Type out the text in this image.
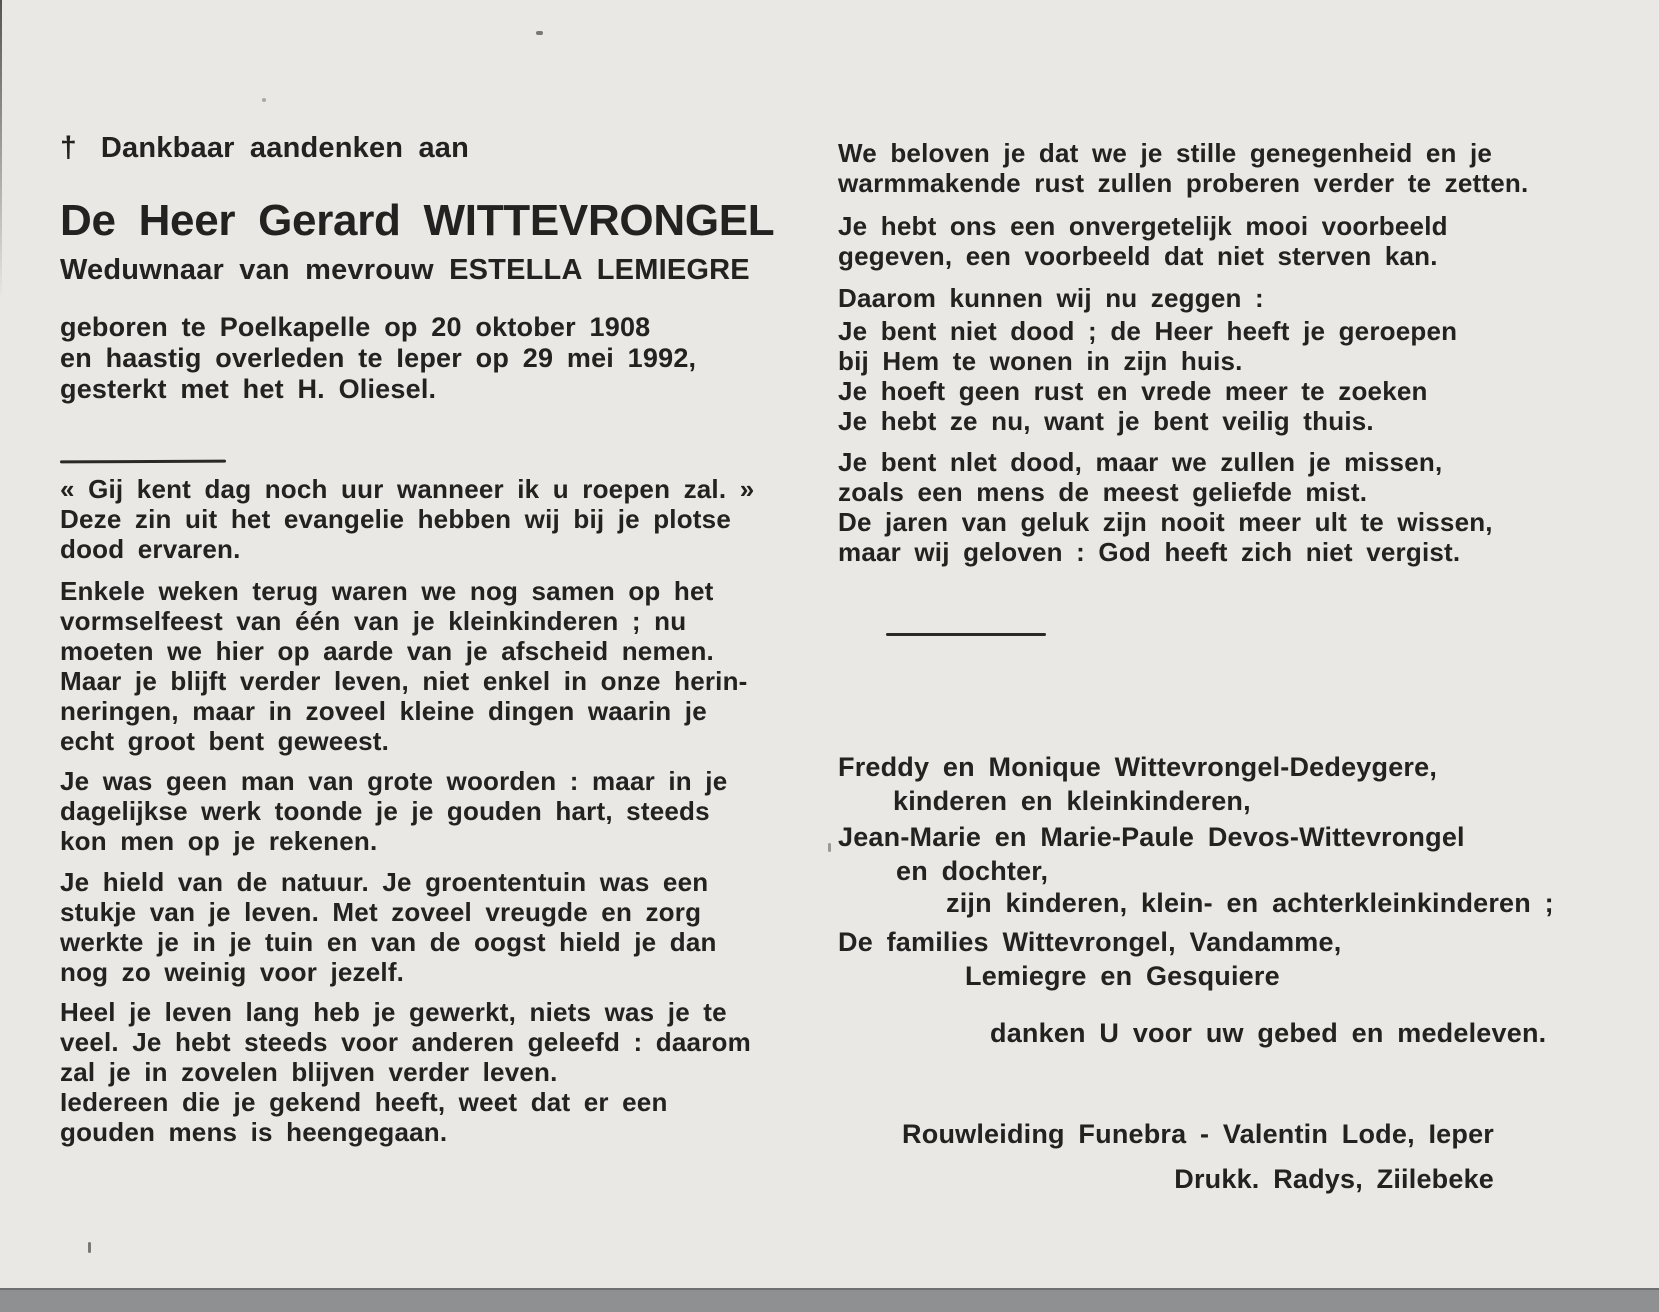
† Dankbaar aandenken aan
De Heer Gerard WITTEVRONGEL
Weduwnaar van mevrouw ESTELLA LEMIEGRE
geboren te Poelkapelle op 20 oktober 1908
en haastig overleden te Ieper op 29 mei 1992,
gesterkt met het H. Oliesel.
« Gij kent dag noch uur wanneer ik u roepen zal. »
Deze zin uit het evangelie hebben wij bij je plotse
dood ervaren.
Enkele weken terug waren we nog samen op het
vormselfeest van één van je kleinkinderen ; nu
moeten we hier op aarde van je afscheid nemen.
Maar je blijft verder leven, niet enkel in onze herin-
neringen, maar in zoveel kleine dingen waarin je
echt groot bent geweest.
Je was geen man van grote woorden : maar in je
dagelijkse werk toonde je je gouden hart, steeds
kon men op je rekenen.
Je hield van de natuur. Je groententuin was een
stukje van je leven. Met zoveel vreugde en zorg
werkte je in je tuin en van de oogst hield je dan
nog zo weinig voor jezelf.
Heel je leven lang heb je gewerkt, niets was je te
veel. Je hebt steeds voor anderen geleefd : daarom
zal je in zovelen blijven verder leven.
Iedereen die je gekend heeft, weet dat er een
gouden mens is heengegaan.
We beloven je dat we je stille genegenheid en je
warmmakende rust zullen proberen verder te zetten.
Je hebt ons een onvergetelijk mooi voorbeeld
gegeven, een voorbeeld dat niet sterven kan.
Daarom kunnen wij nu zeggen :
Je bent niet dood ; de Heer heeft je geroepen
bij Hem te wonen in zijn huis.
Je hoeft geen rust en vrede meer te zoeken
Je hebt ze nu, want je bent veilig thuis.
Je bent nlet dood, maar we zullen je missen,
zoals een mens de meest geliefde mist.
De jaren van geluk zijn nooit meer ult te wissen,
maar wij geloven : God heeft zich niet vergist.
Freddy en Monique Wittevrongel-Dedeygere,
kinderen en kleinkinderen,
Jean-Marie en Marie-Paule Devos-Wittevrongel
en dochter,
zijn kinderen, klein- en achterkleinkinderen ;
De families Wittevrongel, Vandamme,
Lemiegre en Gesquiere
danken U voor uw gebed en medeleven.
Rouwleiding Funebra - Valentin Lode, Ieper
Drukk. Radys, Ziilebeke
